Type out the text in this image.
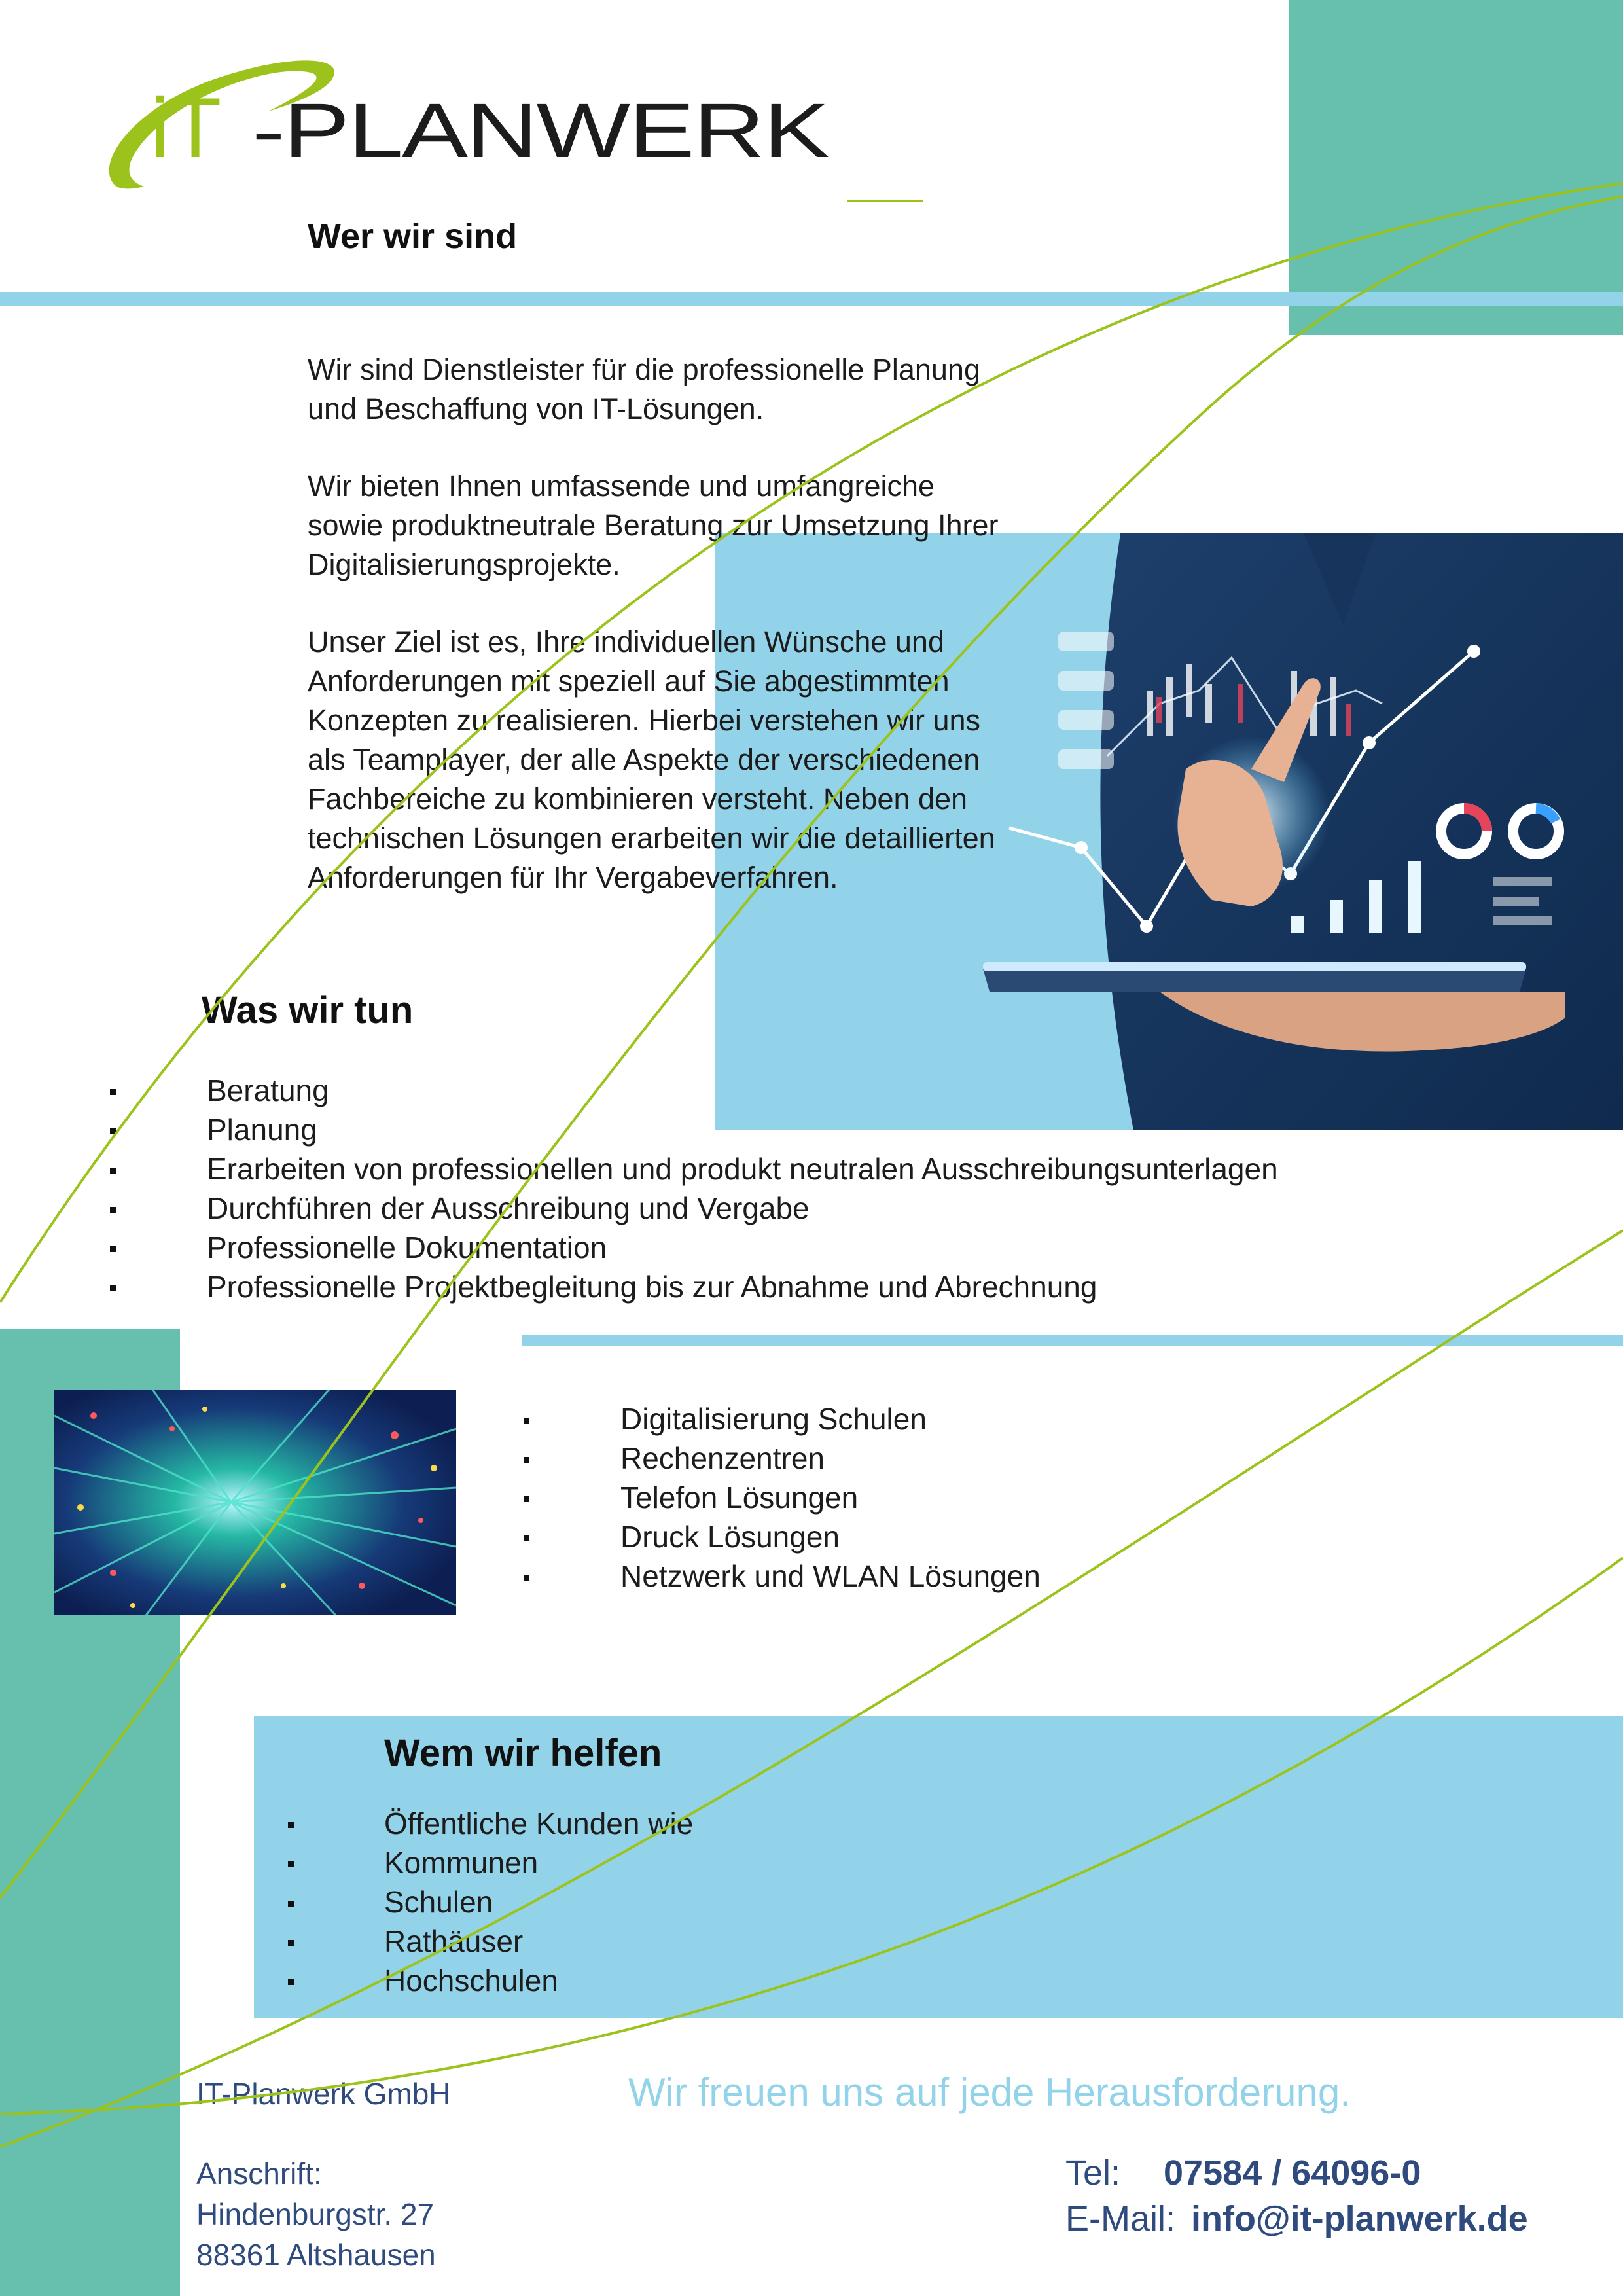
iT -PLANWERK
Wer wir sind

Wir sind Dienstleister für die professionelle Planung und Beschaffung von IT-Lösungen.

Wir bieten Ihnen umfassende und umfangreiche sowie produktneutrale Beratung zur Umsetzung Ihrer Digitalisierungsprojekte.

Unser Ziel ist es, Ihre individuellen Wünsche und Anforderungen mit speziell auf Sie abgestimmten Konzepten zu realisieren. Hierbei verstehen wir uns als Teamplayer, der alle Aspekte der verschiedenen Fachbereiche zu kombinieren versteht. Neben den technischen Lösungen erarbeiten wir die detaillierten Anforderungen für Ihr Vergabeverfahren.

Was wir tun
Beratung
Planung
Erarbeiten von professionellen und produkt neutralen Ausschreibungsunterlagen
Durchführen der Ausschreibung und Vergabe
Professionelle Dokumentation
Professionelle Projektbegleitung bis zur Abnahme und Abrechnung
Digitalisierung Schulen
Rechenzentren
Telefon Lösungen
Druck Lösungen
Netzwerk und WLAN Lösungen
Wem wir helfen
Öffentliche Kunden wie
Kommunen
Schulen
Rathäuser
Hochschulen
IT-Planwerk GmbH
Anschrift:
Hindenburgstr. 27
88361 Altshausen
Wir freuen uns auf jede Herausforderung.
Tel: 07584 / 64096-0
E-Mail: info@it-planwerk.de
